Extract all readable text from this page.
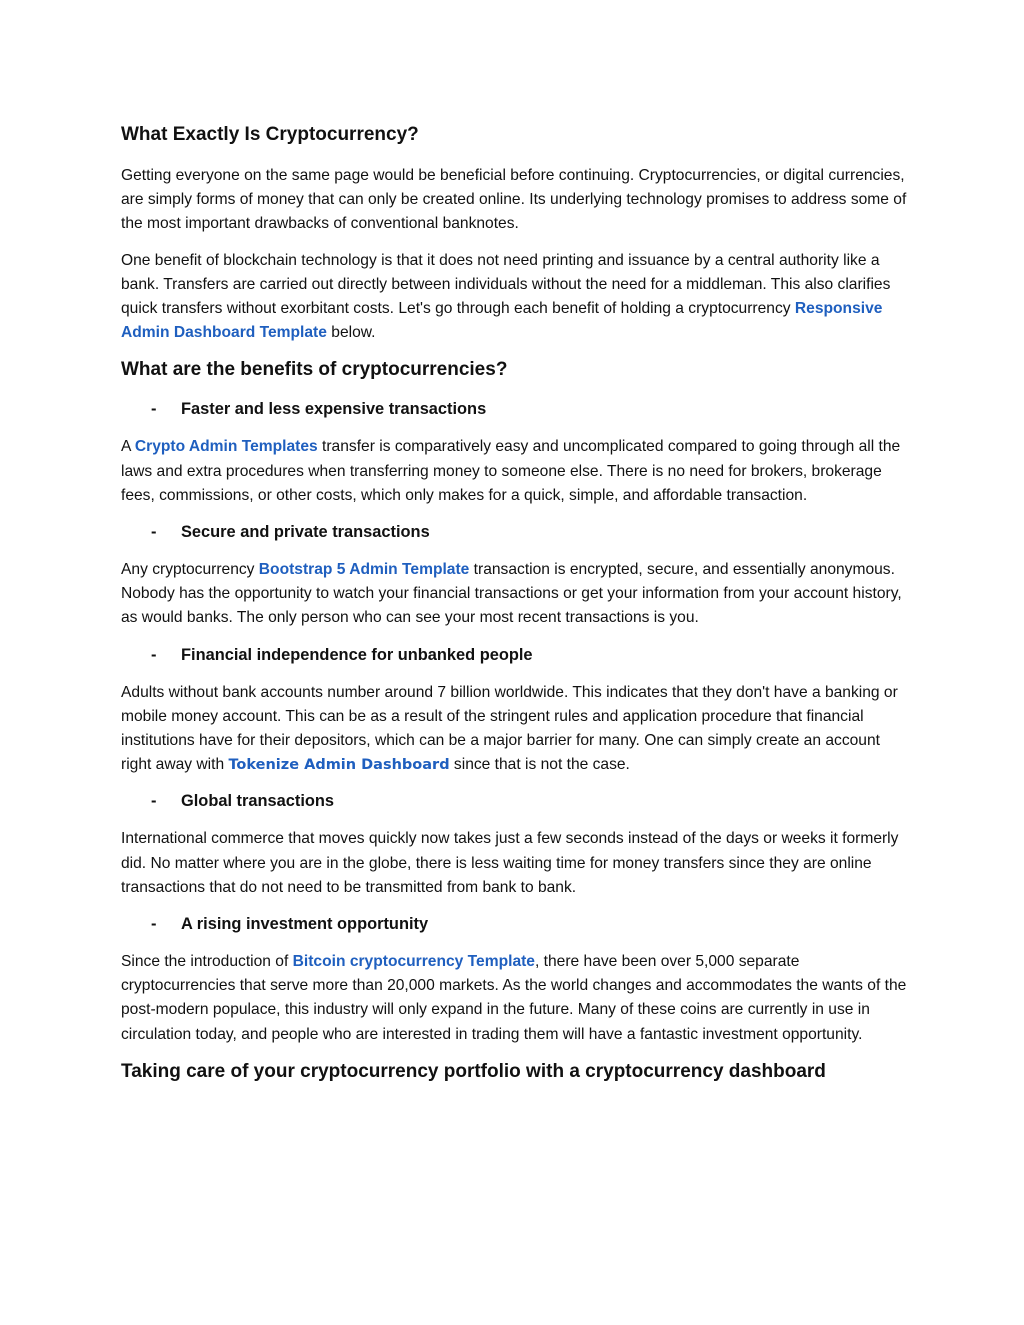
What Exactly Is Cryptocurrency?

Getting everyone on the same page would be beneficial before continuing. Cryptocurrencies, or digital currencies, are simply forms of money that can only be created online. Its underlying technology promises to address some of the most important drawbacks of conventional banknotes.

One benefit of blockchain technology is that it does not need printing and issuance by a central authority like a bank. Transfers are carried out directly between individuals without the need for a middleman. This also clarifies quick transfers without exorbitant costs. Let's go through each benefit of holding a cryptocurrency Responsive Admin Dashboard Template below.

What are the benefits of cryptocurrencies?
-	Faster and less expensive transactions

A Crypto Admin Templates transfer is comparatively easy and uncomplicated compared to going through all the laws and extra procedures when transferring money to someone else. There is no need for brokers, brokerage fees, commissions, or other costs, which only makes for a quick, simple, and affordable transaction.

-	Secure and private transactions

Any cryptocurrency Bootstrap 5 Admin Template transaction is encrypted, secure, and essentially anonymous. Nobody has the opportunity to watch your financial transactions or get your information from your account history, as would banks. The only person who can see your most recent transactions is you.

-	Financial independence for unbanked people

Adults without bank accounts number around 7 billion worldwide. This indicates that they don't have a banking or mobile money account. This can be as a result of the stringent rules and application procedure that financial institutions have for their depositors, which can be a major barrier for many. One can simply create an account right away with Tokenize Admin Dashboard since that is not the case.

-	Global transactions

International commerce that moves quickly now takes just a few seconds instead of the days or weeks it formerly did. No matter where you are in the globe, there is less waiting time for money transfers since they are online transactions that do not need to be transmitted from bank to bank.

-	A rising investment opportunity

Since the introduction of Bitcoin cryptocurrency Template, there have been over 5,000 separate cryptocurrencies that serve more than 20,000 markets. As the world changes and accommodates the wants of the post-modern populace, this industry will only expand in the future. Many of these coins are currently in use in circulation today, and people who are interested in trading them will have a fantastic investment opportunity.

Taking care of your cryptocurrency portfolio with a cryptocurrency dashboard
